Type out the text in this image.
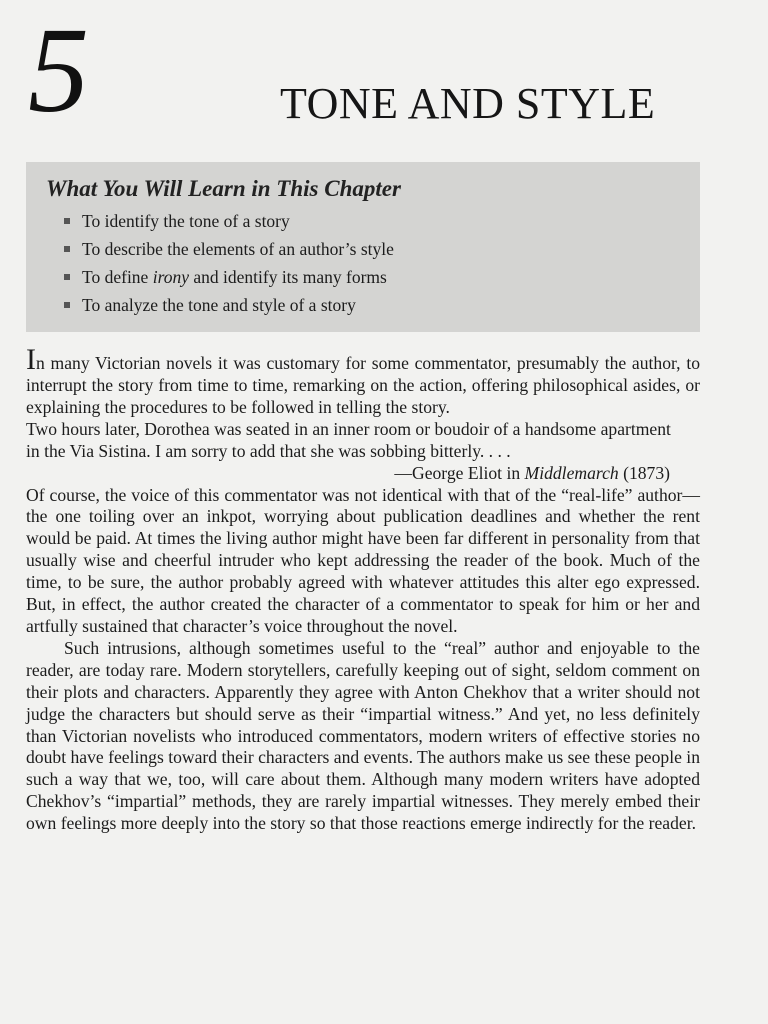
5	TONE AND STYLE
What You Will Learn in This Chapter
To identify the tone of a story
To describe the elements of an author’s style
To define irony and identify its many forms
To analyze the tone and style of a story

In many Victorian novels it was customary for some commentator, presumably the author, to interrupt the story from time to time, remarking on the action, offering philosophical asides, or explaining the procedures to be followed in telling the story.

Two hours later, Dorothea was seated in an inner room or boudoir of a handsome apartment in the Via Sistina. I am sorry to add that she was sobbing bitterly. . . .

—George Eliot in Middlemarch (1873)

Of course, the voice of this commentator was not identical with that of the “real-life” author—the one toiling over an inkpot, worrying about publication deadlines and whether the rent would be paid. At times the living author might have been far different in personality from that usually wise and cheerful intruder who kept addressing the reader of the book. Much of the time, to be sure, the author probably agreed with whatever attitudes this alter ego expressed. But, in effect, the author created the character of a commentator to speak for him or her and artfully sustained that character’s voice throughout the novel.

Such intrusions, although sometimes useful to the “real” author and enjoyable to the reader, are today rare. Modern storytellers, carefully keeping out of sight, seldom comment on their plots and characters. Apparently they agree with Anton Chekhov that a writer should not judge the characters but should serve as their “impartial witness.” And yet, no less definitely than Victorian novelists who introduced commentators, modern writers of effective stories no doubt have feelings toward their characters and events. The authors make us see these people in such a way that we, too, will care about them. Although many modern writers have adopted Chekhov’s “impartial” methods, they are rarely impartial witnesses. They merely embed their own feelings more deeply into the story so that those reactions emerge indirectly for the reader.
